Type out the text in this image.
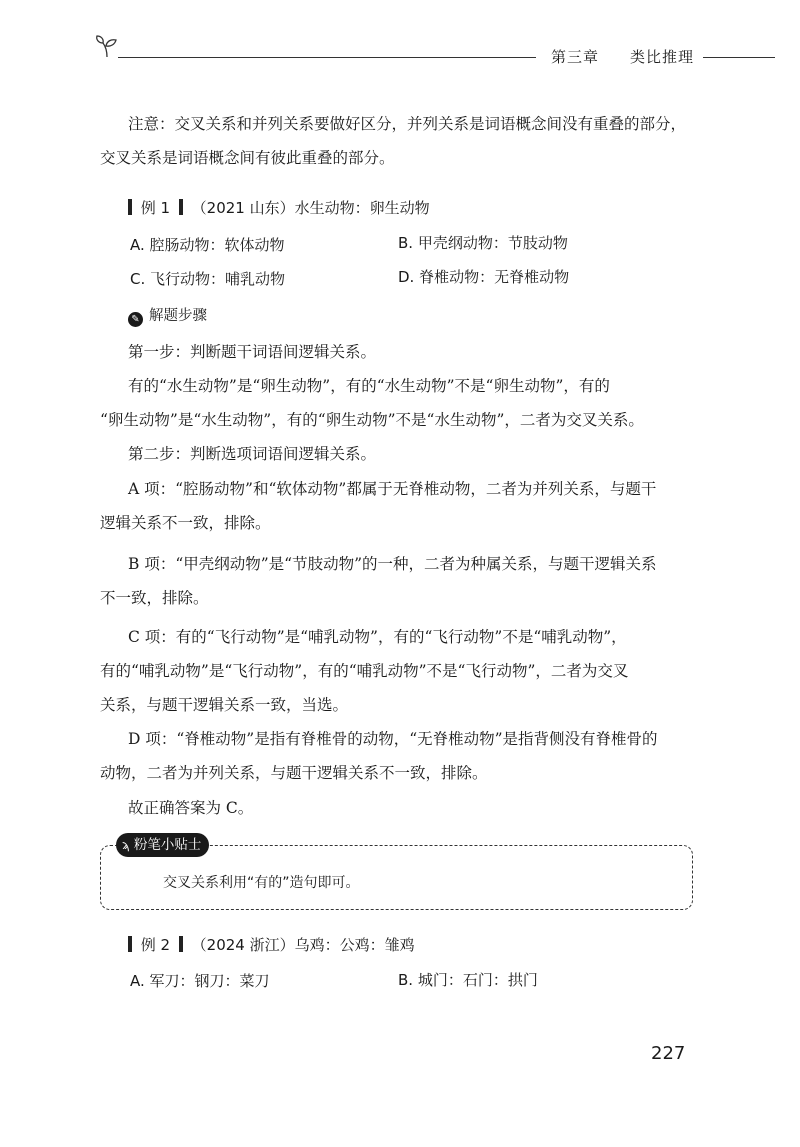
第三章 类比推理
注意：交叉关系和并列关系要做好区分，并列关系是词语概念间没有重叠的部分，
交叉关系是词语概念间有彼此重叠的部分。
例 1 （2021 山东）水生动物：卵生动物
A. 腔肠动物：软体动物	B. 甲壳纲动物：节肢动物
C. 飞行动物：哺乳动物	D. 脊椎动物：无脊椎动物
✎ 解题步骤
第一步：判断题干词语间逻辑关系。
有的“水生动物”是“卵生动物”，有的“水生动物”不是“卵生动物”，有的
“卵生动物”是“水生动物”，有的“卵生动物”不是“水生动物”，二者为交叉关系。
第二步：判断选项词语间逻辑关系。
A 项：“腔肠动物”和“软体动物”都属于无脊椎动物，二者为并列关系，与题干
逻辑关系不一致，排除。
B 项：“甲壳纲动物”是“节肢动物”的一种，二者为种属关系，与题干逻辑关系
不一致，排除。
C 项：有的“飞行动物”是“哺乳动物”，有的“飞行动物”不是“哺乳动物”，
有的“哺乳动物”是“飞行动物”，有的“哺乳动物”不是“飞行动物”，二者为交叉
关系，与题干逻辑关系一致，当选。
D 项：“脊椎动物”是指有脊椎骨的动物，“无脊椎动物”是指背侧没有脊椎骨的
动物，二者为并列关系，与题干逻辑关系不一致，排除。
故正确答案为 C。
ϡ 粉笔小贴士
交叉关系利用“有的”造句即可。
例 2 （2024 浙江）乌鸡：公鸡：雏鸡
A. 军刀：钢刀：菜刀	B. 城门：石门：拱门
227
